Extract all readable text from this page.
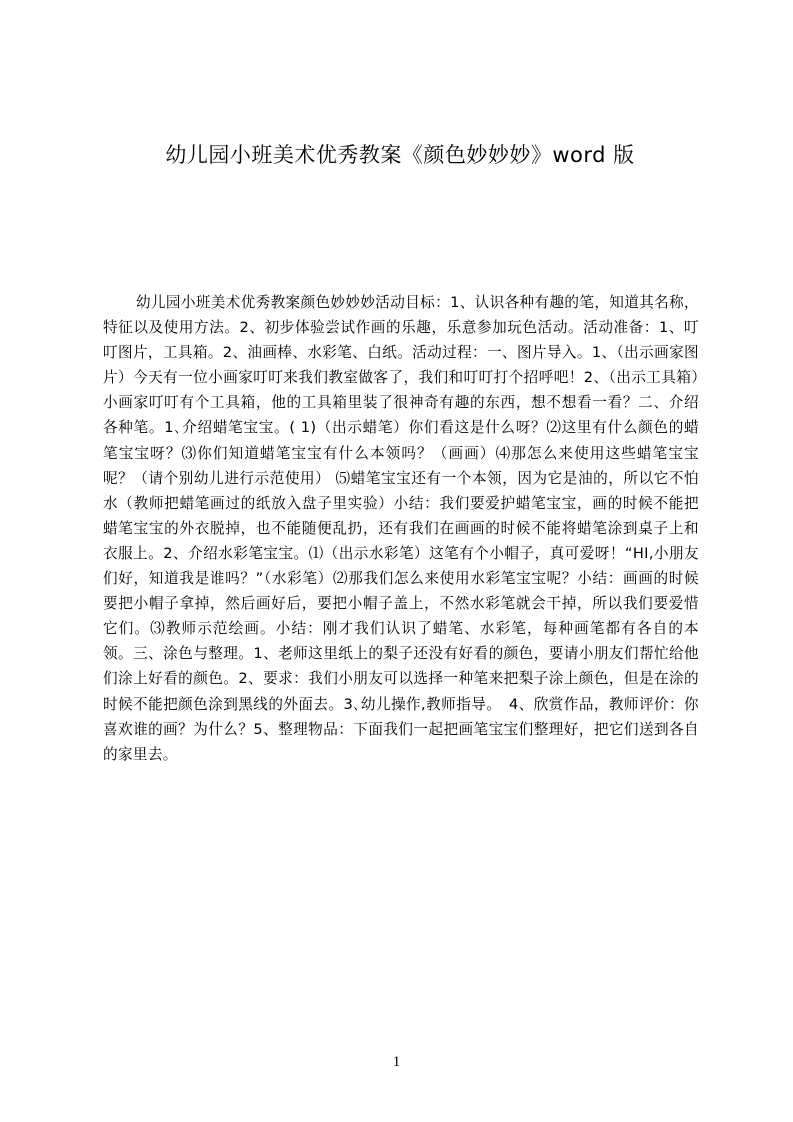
幼儿园小班美术优秀教案《颜色妙妙妙》word 版

幼儿园小班美术优秀教案颜色妙妙妙活动目标：1、认识各种有趣的笔，知道其名称，特征以及使用方法。2、初步体验尝试作画的乐趣，乐意参加玩色活动。活动准备：1、叮叮图片，工具箱。2、油画棒、水彩笔、白纸。活动过程：一、图片导入。1、（出示画家图片）今天有一位小画家叮叮来我们教室做客了，我们和叮叮打个招呼吧！2、（出示工具箱）小画家叮叮有个工具箱，他的工具箱里装了很神奇有趣的东西，想不想看一看？二、介绍各种笔。1､介绍蜡笔宝宝。( 1)（出示蜡笔）你们看这是什么呀？⑵这里有什么颜色的蜡笔宝宝呀？⑶你们知道蜡笔宝宝有什么本领吗？（画画）⑷那怎么来使用这些蜡笔宝宝呢？（请个别幼儿进行示范使用） ⑸蜡笔宝宝还有一个本领，因为它是油的，所以它不怕水（教师把蜡笔画过的纸放入盘子里实验）小结：我们要爱护蜡笔宝宝，画的时候不能把蜡笔宝宝的外衣脱掉，也不能随便乱扔，还有我们在画画的时候不能将蜡笔涂到桌子上和衣服上。2、介绍水彩笔宝宝。⑴（出示水彩笔）这笔有个小帽子，真可爱呀！“HI,小朋友们好，知道我是谁吗？”（水彩笔）⑵那我们怎么来使用水彩笔宝宝呢？小结：画画的时候要把小帽子拿掉，然后画好后，要把小帽子盖上，不然水彩笔就会干掉，所以我们要爱惜它们。⑶教师示范绘画。小结：刚才我们认识了蜡笔、水彩笔，每种画笔都有各自的本领。三、涂色与整理。1、老师这里纸上的梨子还没有好看的颜色，要请小朋友们帮忙给他们涂上好看的颜色。2、要求：我们小朋友可以选择一种笔来把梨子涂上颜色，但是在涂的时候不能把颜色涂到黑线的外面去。3､幼儿操作,教师指导。　4、欣赏作品，教师评价：你喜欢谁的画？为什么？5、整理物品：下面我们一起把画笔宝宝们整理好，把它们送到各自的家里去。

1
